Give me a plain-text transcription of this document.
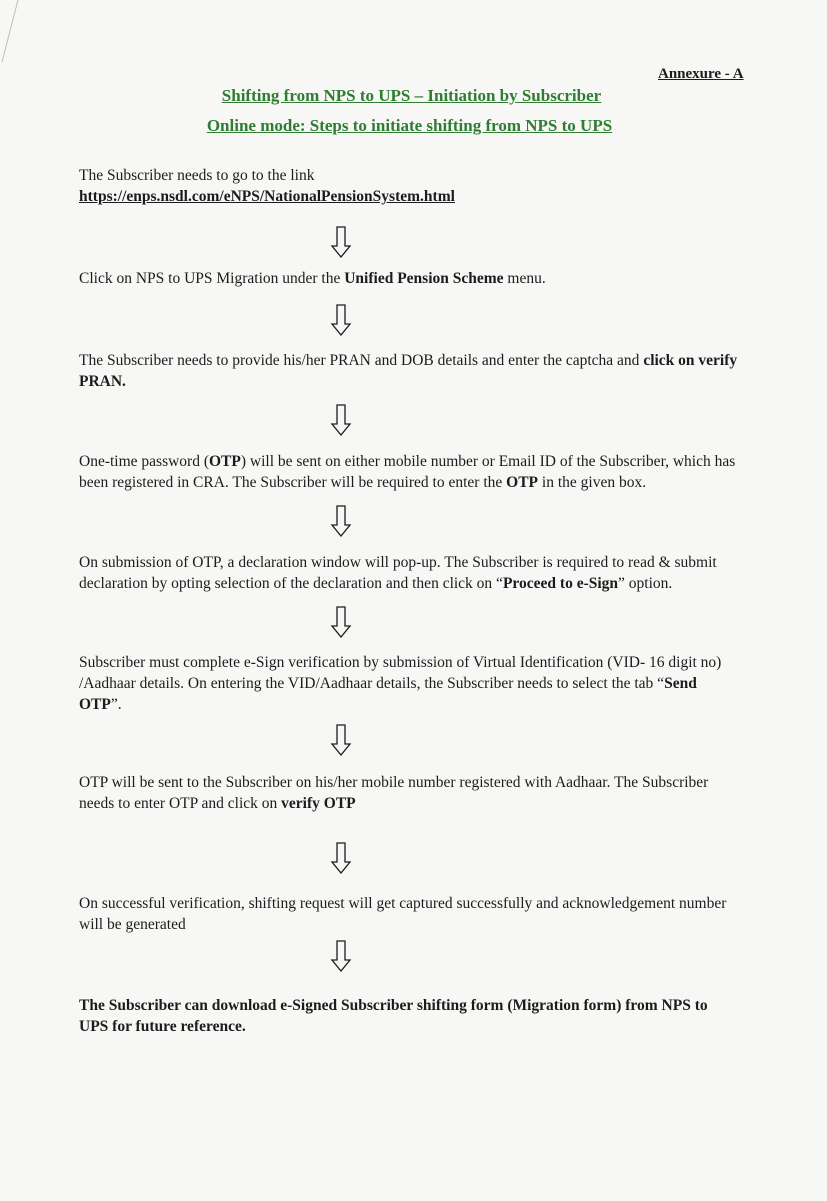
Annexure - A
Shifting from NPS to UPS – Initiation by Subscriber
Online mode: Steps to initiate shifting from NPS to UPS
The Subscriber needs to go to the link
https://enps.nsdl.com/eNPS/NationalPensionSystem.html
Click on NPS to UPS Migration under the Unified Pension Scheme menu.
The Subscriber needs to provide his/her PRAN and DOB details and enter the captcha and click on verify PRAN.
One-time password (OTP) will be sent on either mobile number or Email ID of the Subscriber, which has been registered in CRA. The Subscriber will be required to enter the OTP in the given box.
On submission of OTP, a declaration window will pop-up. The Subscriber is required to read & submit declaration by opting selection of the declaration and then click on “Proceed to e-Sign” option.
Subscriber must complete e-Sign verification by submission of Virtual Identification (VID- 16 digit no) /Aadhaar details. On entering the VID/Aadhaar details, the Subscriber needs to select the tab “Send OTP”.
OTP will be sent to the Subscriber on his/her mobile number registered with Aadhaar. The Subscriber needs to enter OTP and click on verify OTP
On successful verification, shifting request will get captured successfully and acknowledgement number will be generated
The Subscriber can download e-Signed Subscriber shifting form (Migration form) from NPS to UPS for future reference.
